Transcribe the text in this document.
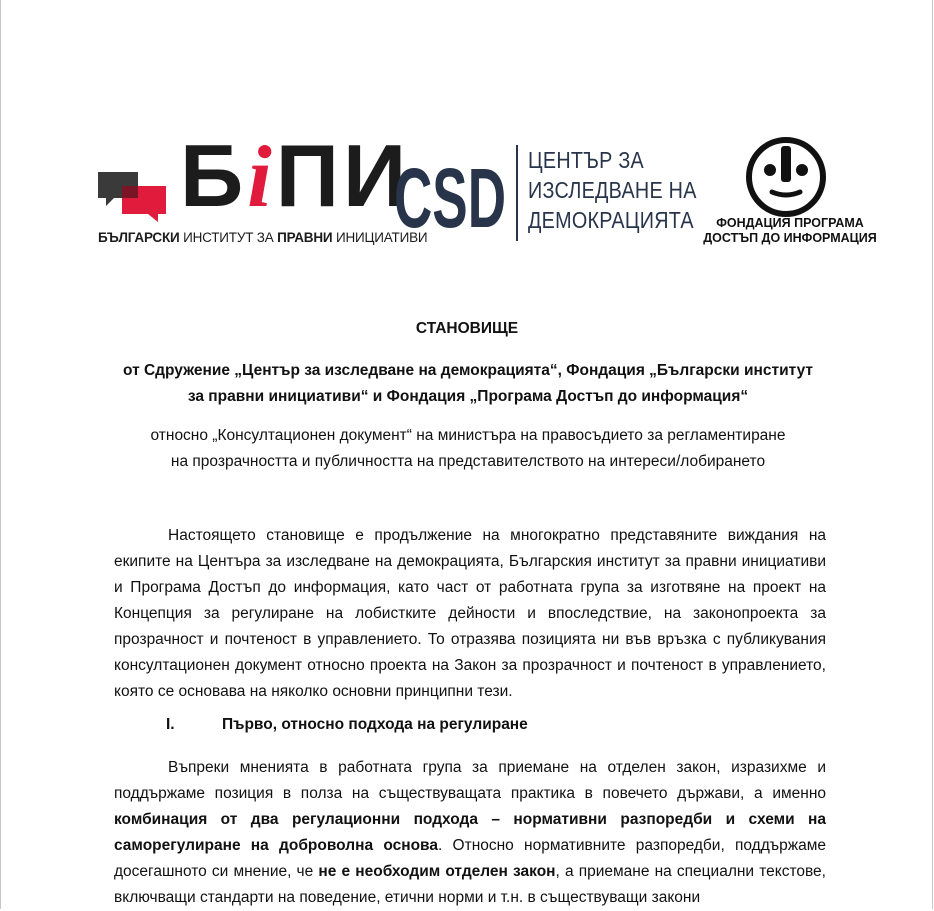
БiПИ
БЪЛГАРСКИ ИНСТИТУТ ЗА ПРАВНИ ИНИЦИАТИВИ
CSD ЦЕНТЪР ЗА
ИЗСЛЕДВАНЕ НА
ДЕМОКРАЦИЯТА	ФОНДАЦИЯ ПРОГРАМА
ДОСТЪП ДО ИНФОРМАЦИЯ
СТАНОВИЩЕ
от Сдружение „Център за изследване на демокрацията“, Фондация „Български институт
за правни инициативи“ и Фондация „Програма Достъп до информация“
относно „Консултационен документ“ на министъра на правосъдието за регламентиране
на прозрачността и публичността на представителството на интереси/лобирането

Настоящето становище е продължение на многократно представяните виждания на екипите на Центъра за изследване на демокрацията, Българския институт за правни инициативи и Програма Достъп до информация, като част от работната група за изготвяне на проект на Концепция за регулиране на лобистките дейности и впоследствие, на законопроекта за прозрачност и почтеност в управлението. То отразява позицията ни във връзка с публикувания консултационен документ относно проекта на Закон за прозрачност и почтеност в управлението, която се основава на няколко основни принципни тези.

I.	Първо, относно подхода на регулиране

Въпреки мненията в работната група за приемане на отделен закон, изразихме и поддържаме позиция в полза на съществуващата практика в повечето държави, а именно комбинация от два регулационни подхода – нормативни разпоредби и схеми на саморегулиране на доброволна основа. Относно нормативните разпоредби, поддържаме досегашното си мнение, че не е необходим отделен закон, а приемане на специални текстове, включващи стандарти на поведение, етични норми и т.н. в съществуващи закони
